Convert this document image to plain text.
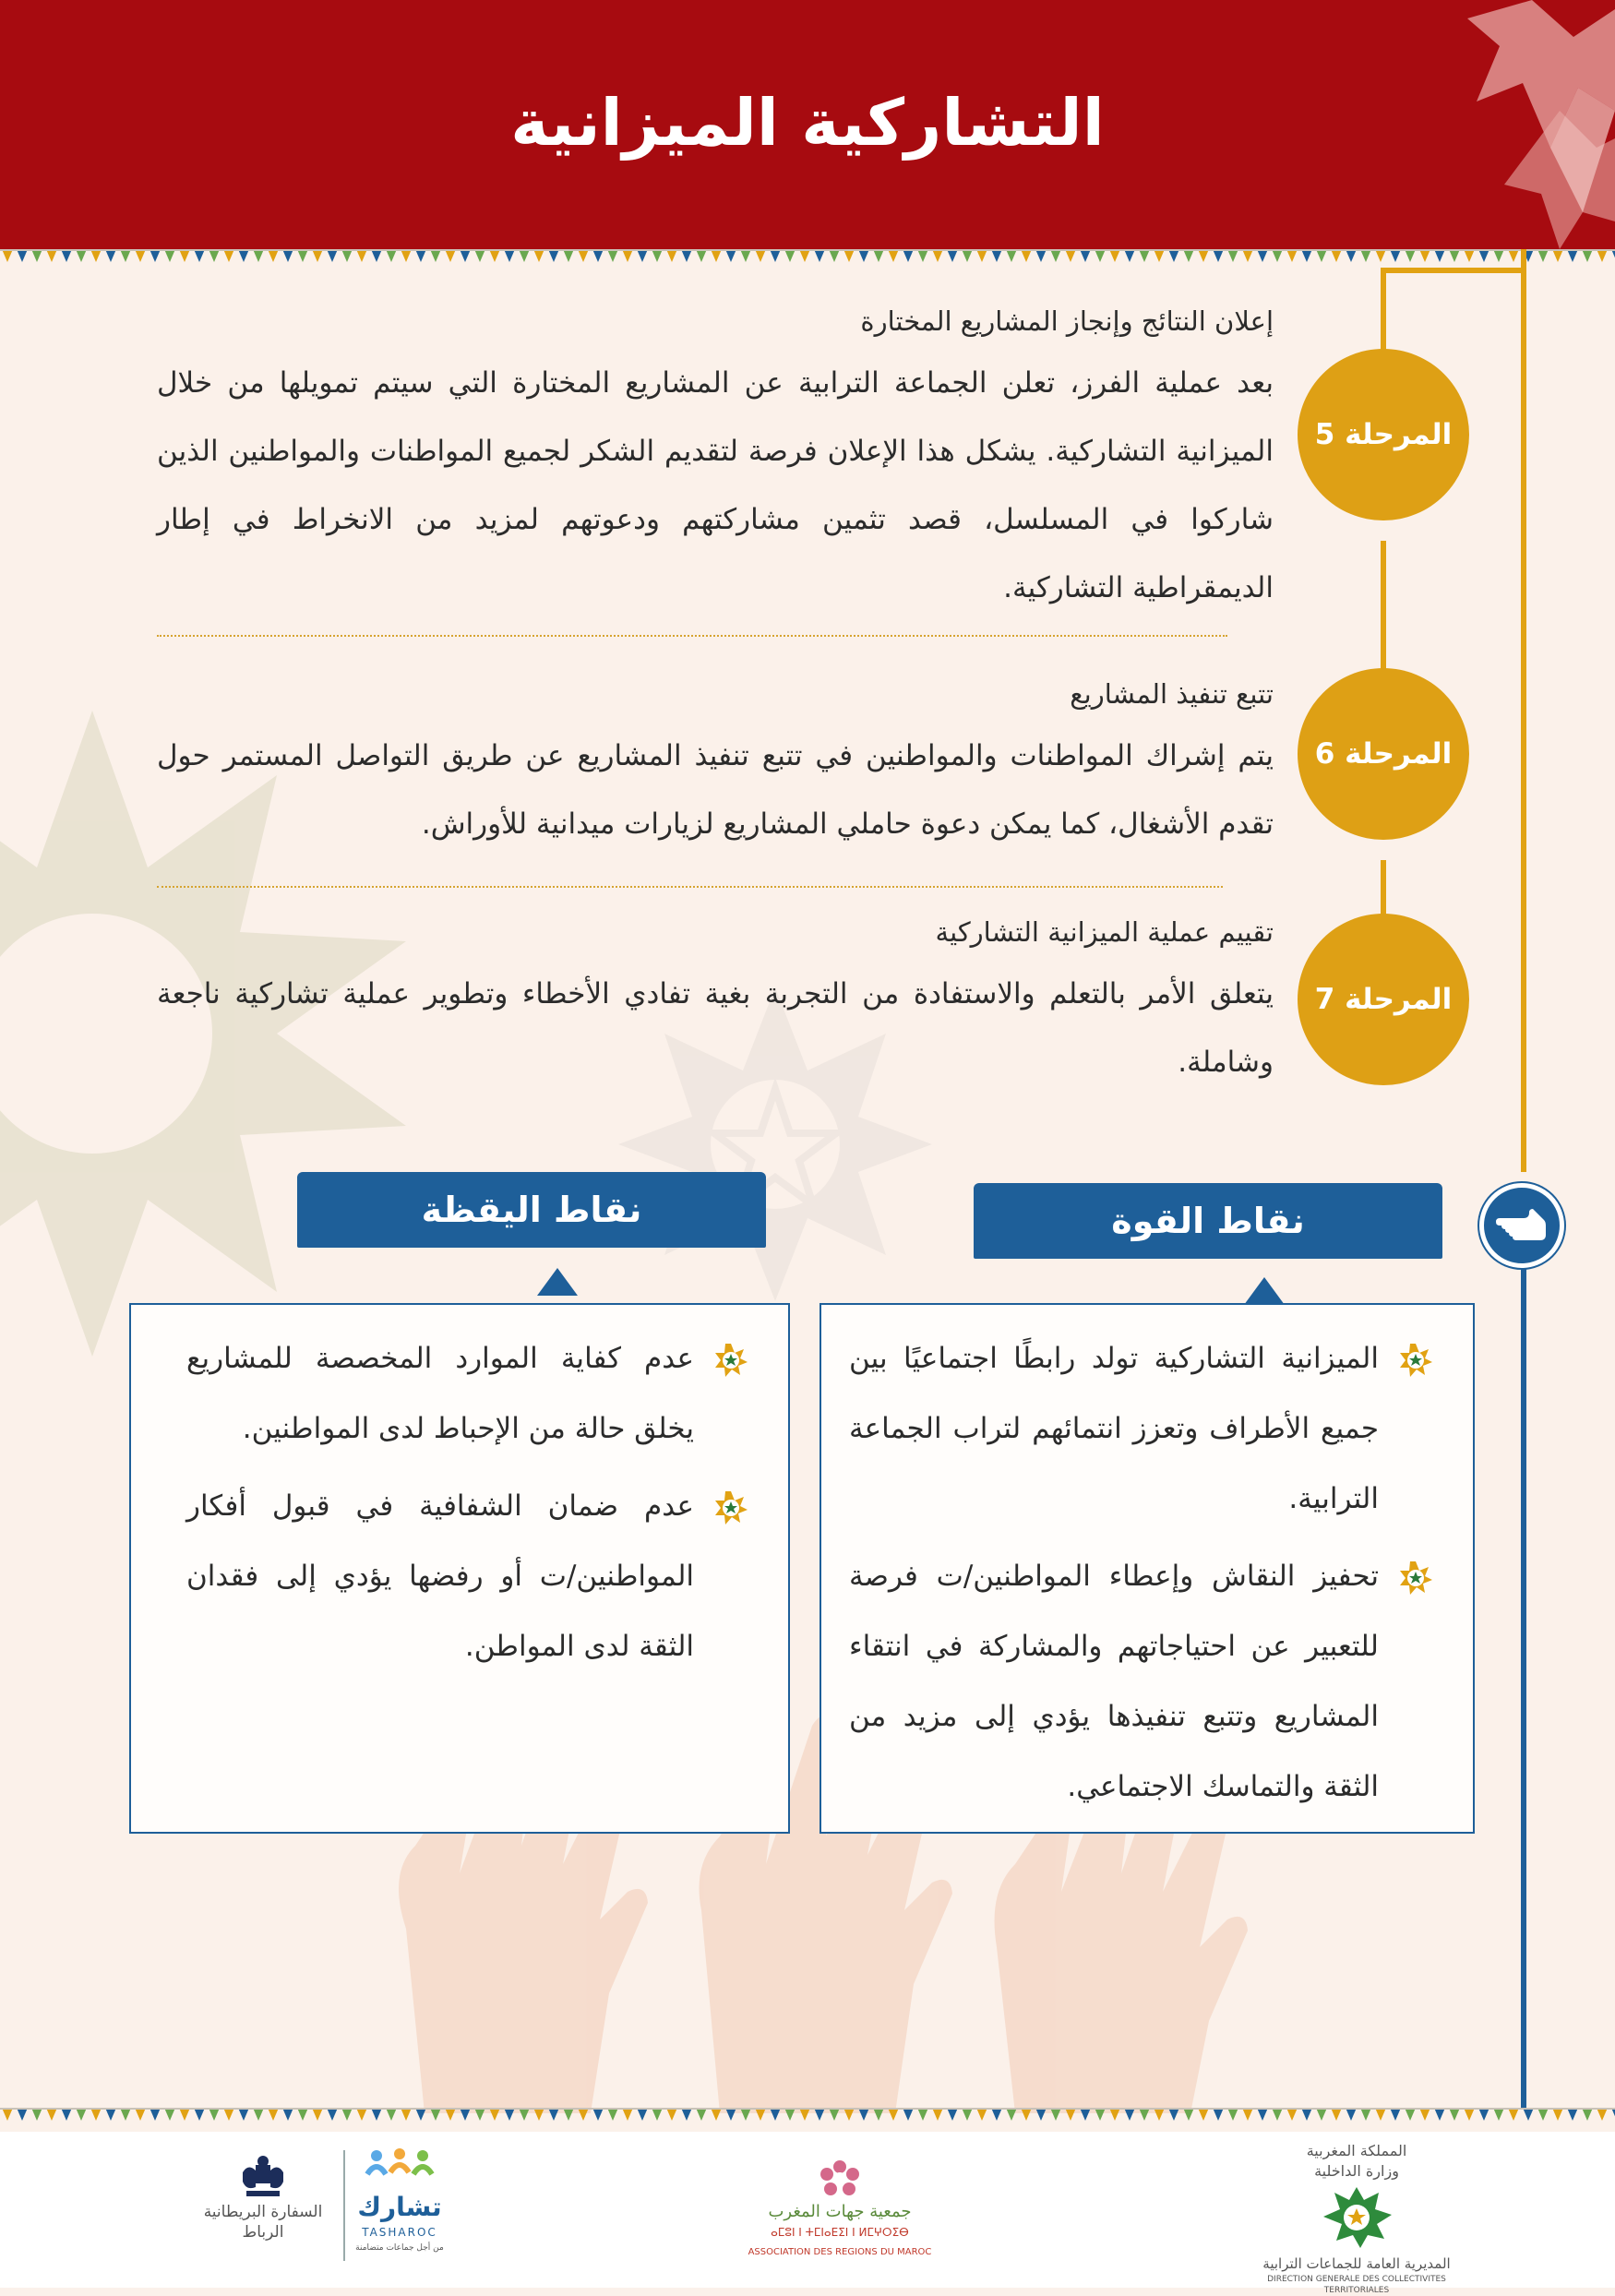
التشاركية الميزانية
المرحلة 5
إعلان النتائج وإنجاز المشاريع المختارة
بعد عملية الفرز، تعلن الجماعة الترابية عن المشاريع المختارة التي سيتم تمويلها من خلال الميزانية التشاركية. يشكل هذا الإعلان فرصة لتقديم الشكر لجميع المواطنات والمواطنين الذين شاركوا في المسلسل، قصد تثمين مشاركتهم ودعوتهم لمزيد من الانخراط في إطار الديمقراطية التشاركية.
المرحلة 6
تتبع تنفيذ المشاريع
يتم إشراك المواطنات والمواطنين في تتبع تنفيذ المشاريع عن طريق التواصل المستمر حول تقدم الأشغال، كما يمكن دعوة حاملي المشاريع لزيارات ميدانية للأوراش.
المرحلة 7
تقييم عملية الميزانية التشاركية
يتعلق الأمر بالتعلم والاستفادة من التجربة بغية تفادي الأخطاء وتطوير عملية تشاركية ناجعة وشاملة.
نقاط القوة
الميزانية التشاركية تولد رابطًا اجتماعيًا بين جميع الأطراف وتعزز انتمائهم لتراب الجماعة الترابية.
تحفيز النقاش وإعطاء المواطنين/ت فرصة للتعبير عن احتياجاتهم والمشاركة في انتقاء المشاريع وتتبع تنفيذها يؤدي إلى مزيد من الثقة والتماسك الاجتماعي.
نقاط اليقظة
عدم كفاية الموارد المخصصة للمشاريع يخلق حالة من الإحباط لدى المواطنين.
عدم ضمان الشفافية في قبول أفكار المواطنين/ت أو رفضها يؤدي إلى فقدان الثقة لدى المواطن.
المملكة المغربية
وزارة الداخلية
المديرية العامة للجماعات الترابية
DIRECTION GENERALE DES COLLECTIVITES TERRITORIALES
جمعية جهات المغرب
ⴰⵎⵓⵏ ⵏ ⵜⵎⵏⴰⴹⵉⵏ ⵏ ⵍⵎⵖⵔⵉⴱ
ASSOCIATION DES REGIONS DU MAROC
تشارك
TASHAROC
من أجل جماعات متضامنة
السفارة البريطانية
الرباط
